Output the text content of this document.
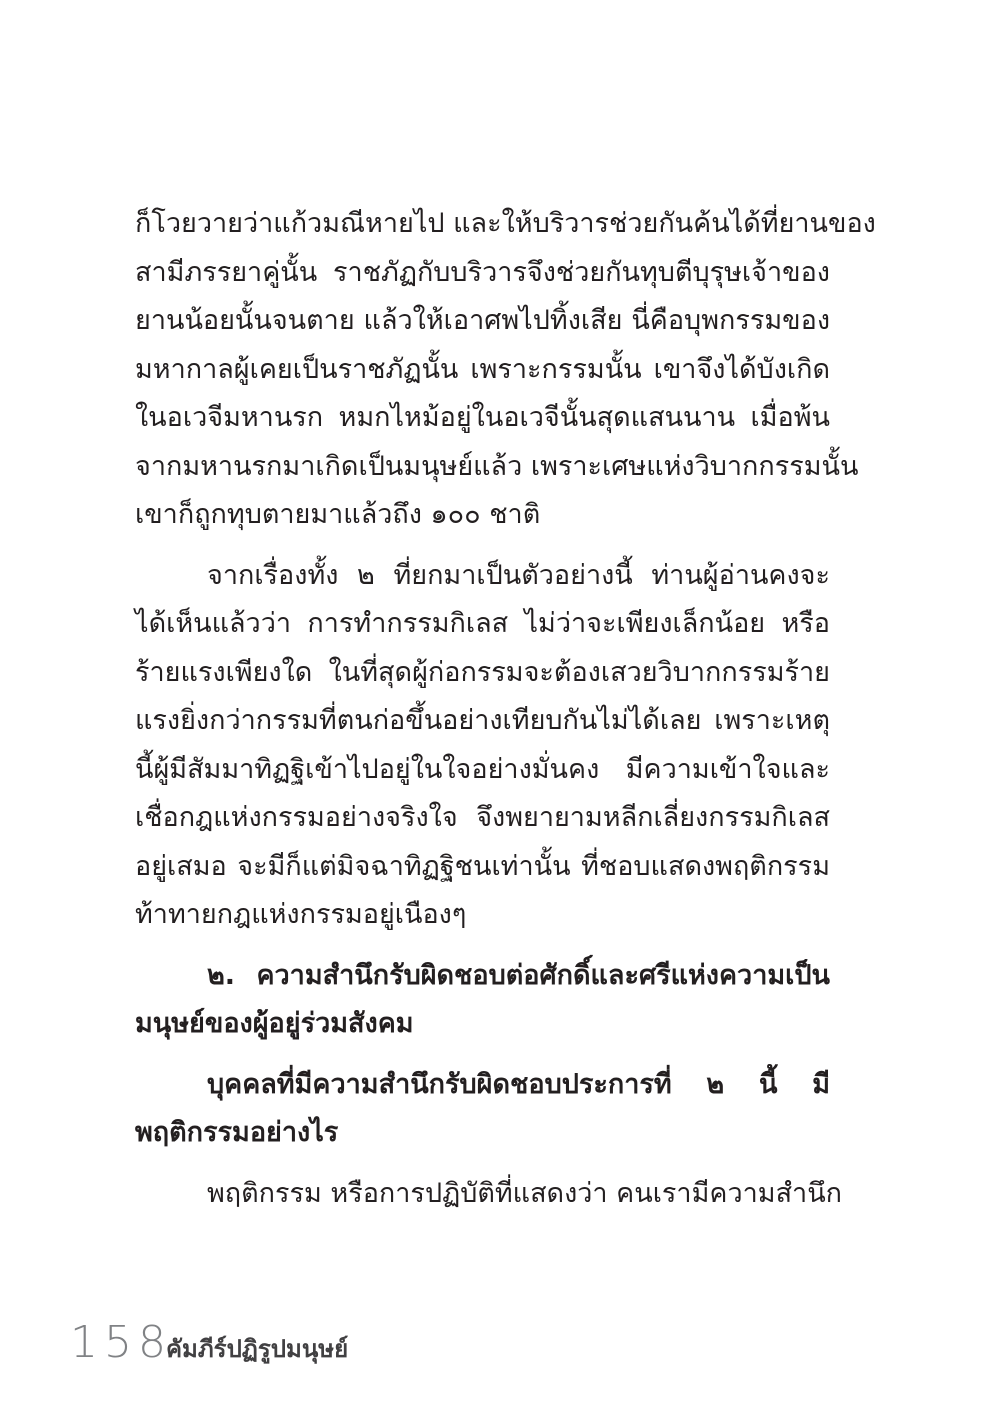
ก็โวยวายว่าแก้วมณีหายไป และให้บริวารช่วยกันค้นได้ที่ยานของ
สามีภรรยาคู่นั้น ราชภัฏกับบริวารจึงช่วยกันทุบตีบุรุษเจ้าของ
ยานน้อยนั้นจนตาย แล้วให้เอาศพไปทิ้งเสีย นี่คือบุพกรรมของ
มหากาลผู้เคยเป็นราชภัฏนั้น เพราะกรรมนั้น เขาจึงได้บังเกิด
ในอเวจีมหานรก หมกไหม้อยู่ในอเวจีนั้นสุดแสนนาน เมื่อพ้น
จากมหานรกมาเกิดเป็นมนุษย์แล้ว เพราะเศษแห่งวิบากกรรมนั้น
เขาก็ถูกทุบตายมาแล้วถึง ๑๐๐ ชาติ
จากเรื่องทั้ง ๒ ที่ยกมาเป็นตัวอย่างนี้ ท่านผู้อ่านคงจะ
ได้เห็นแล้วว่า การทำกรรมกิเลส ไม่ว่าจะเพียงเล็กน้อย หรือ
ร้ายแรงเพียงใด ในที่สุดผู้ก่อกรรมจะต้องเสวยวิบากกรรมร้าย
แรงยิ่งกว่ากรรมที่ตนก่อขึ้นอย่างเทียบกันไม่ได้เลย เพราะเหตุ
นี้ผู้มีสัมมาทิฏฐิเข้าไปอยู่ในใจอย่างมั่นคง มีความเข้าใจและ
เชื่อกฎแห่งกรรมอย่างจริงใจ จึงพยายามหลีกเลี่ยงกรรมกิเลส
อยู่เสมอ จะมีก็แต่มิจฉาทิฏฐิชนเท่านั้น ที่ชอบแสดงพฤติกรรม
ท้าทายกฎแห่งกรรมอยู่เนืองๆ
๒. ความสำนึกรับผิดชอบต่อศักดิ์และศรีแห่งความเป็น
มนุษย์ของผู้อยู่ร่วมสังคม
บุคคลที่มีความสำนึกรับผิดชอบประการที่ ๒ นี้ มี
พฤติกรรมอย่างไร
พฤติกรรม หรือการปฏิบัติที่แสดงว่า คนเรามีความสำนึก
158
คัมภีร์ปฏิรูปมนุษย์
